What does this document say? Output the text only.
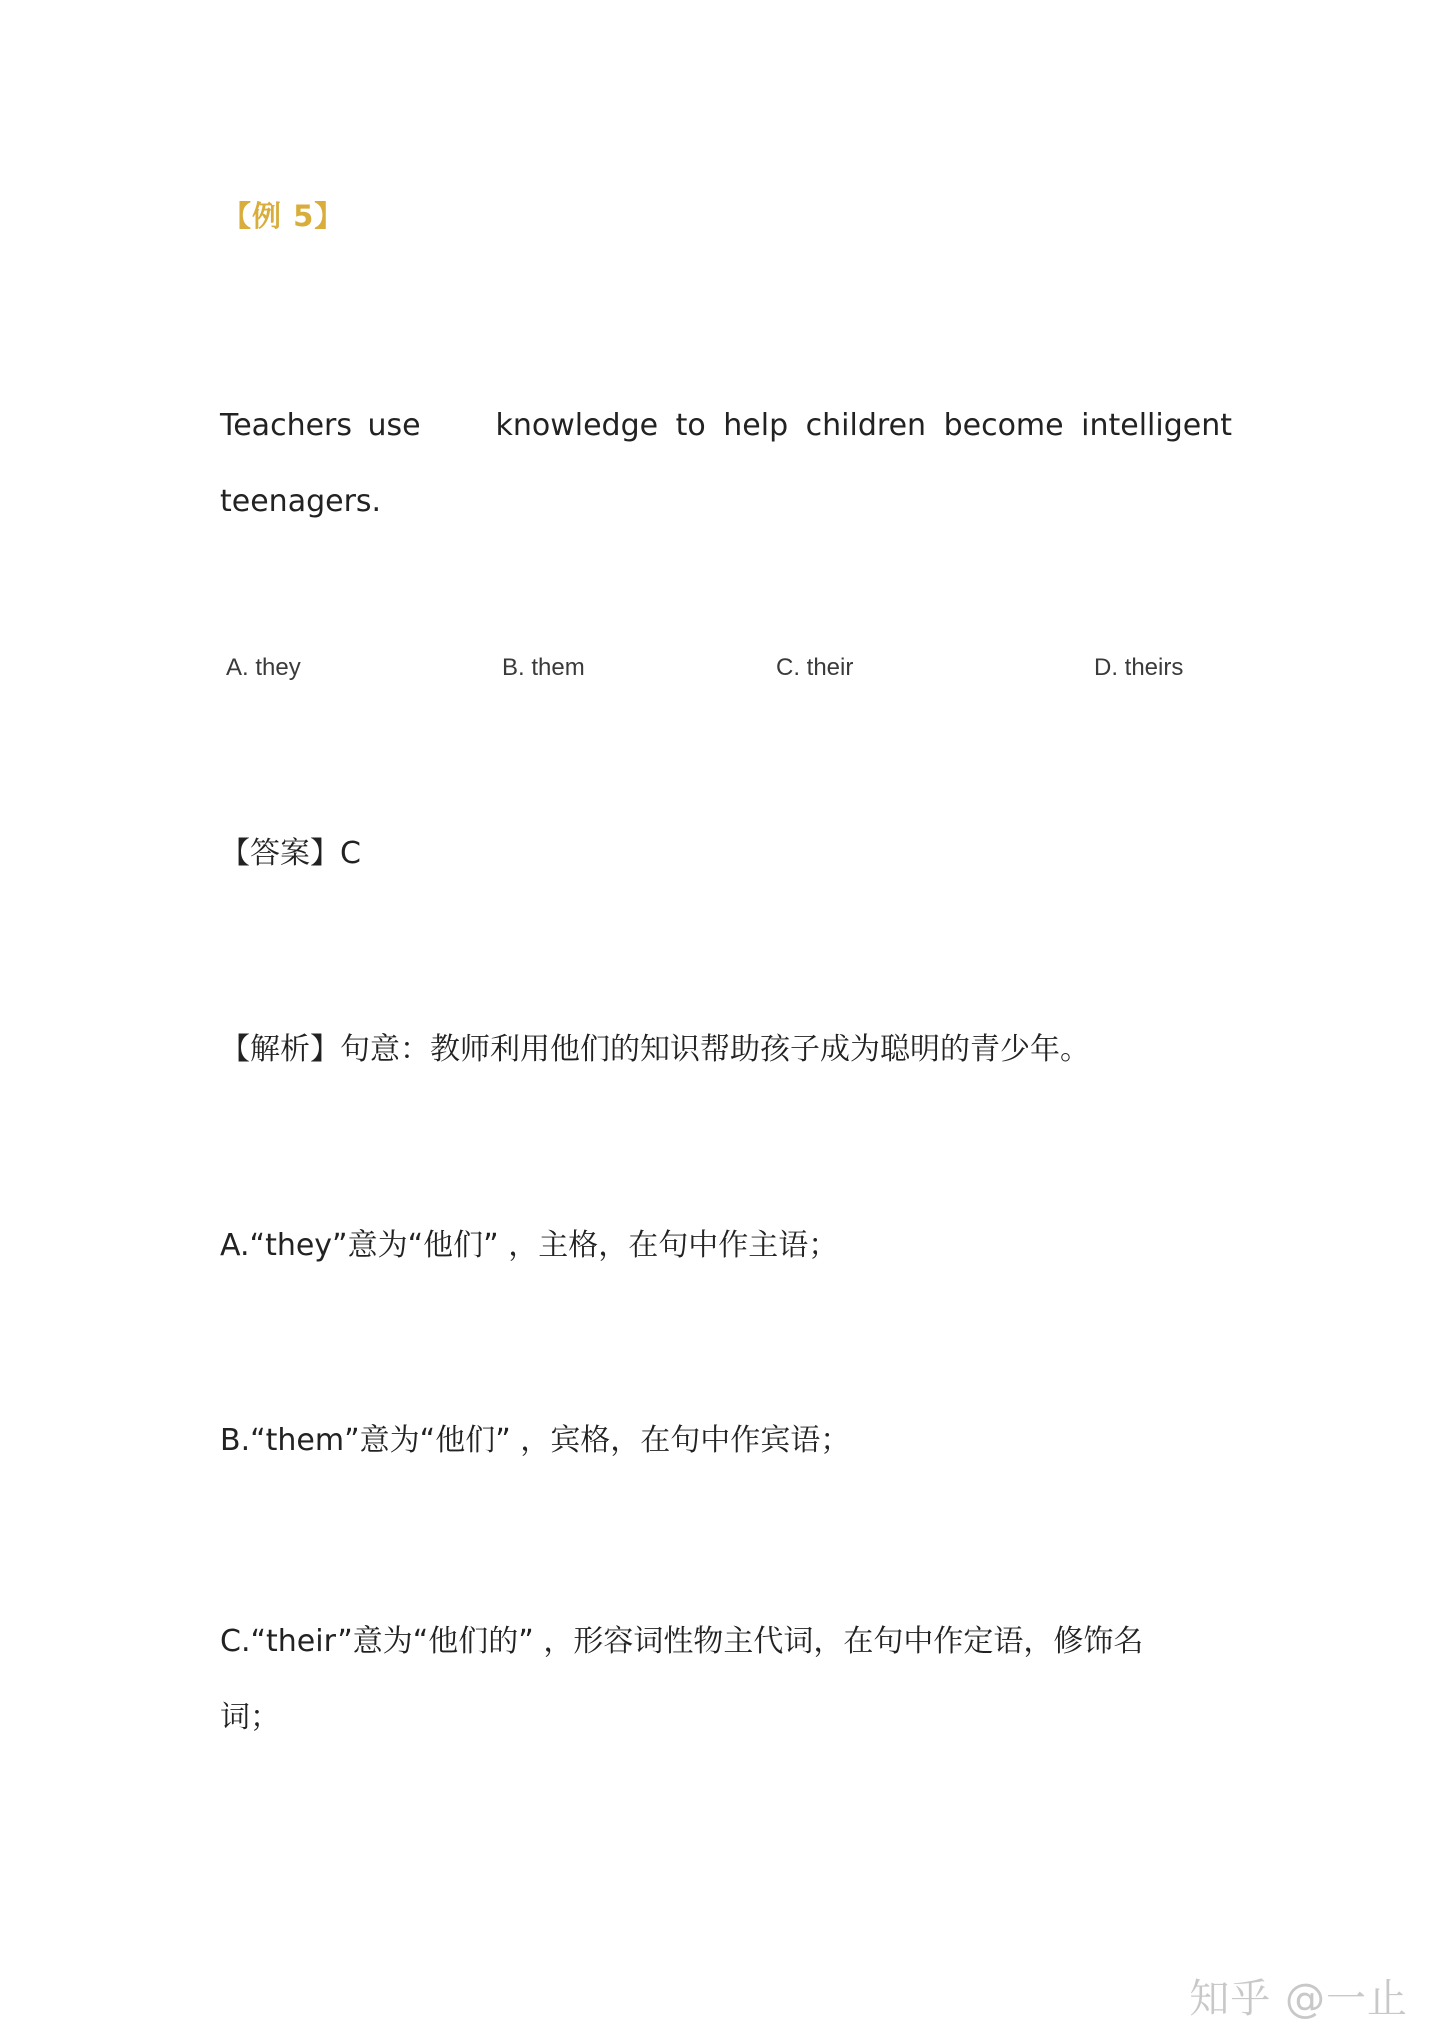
【例 5】
Teachers use knowledge to help children become intelligent
teenagers.
A. they	B. them	C. their	D. theirs
【答案】C
【解析】句意：教师利用他们的知识帮助孩子成为聪明的青少年。
A.“they”意为“他们” ，主格，在句中作主语；
B.“them”意为“他们” ，宾格，在句中作宾语；
C.“their”意为“他们的” ，形容词性物主代词，在句中作定语，修饰名
词；
知乎 @一止
